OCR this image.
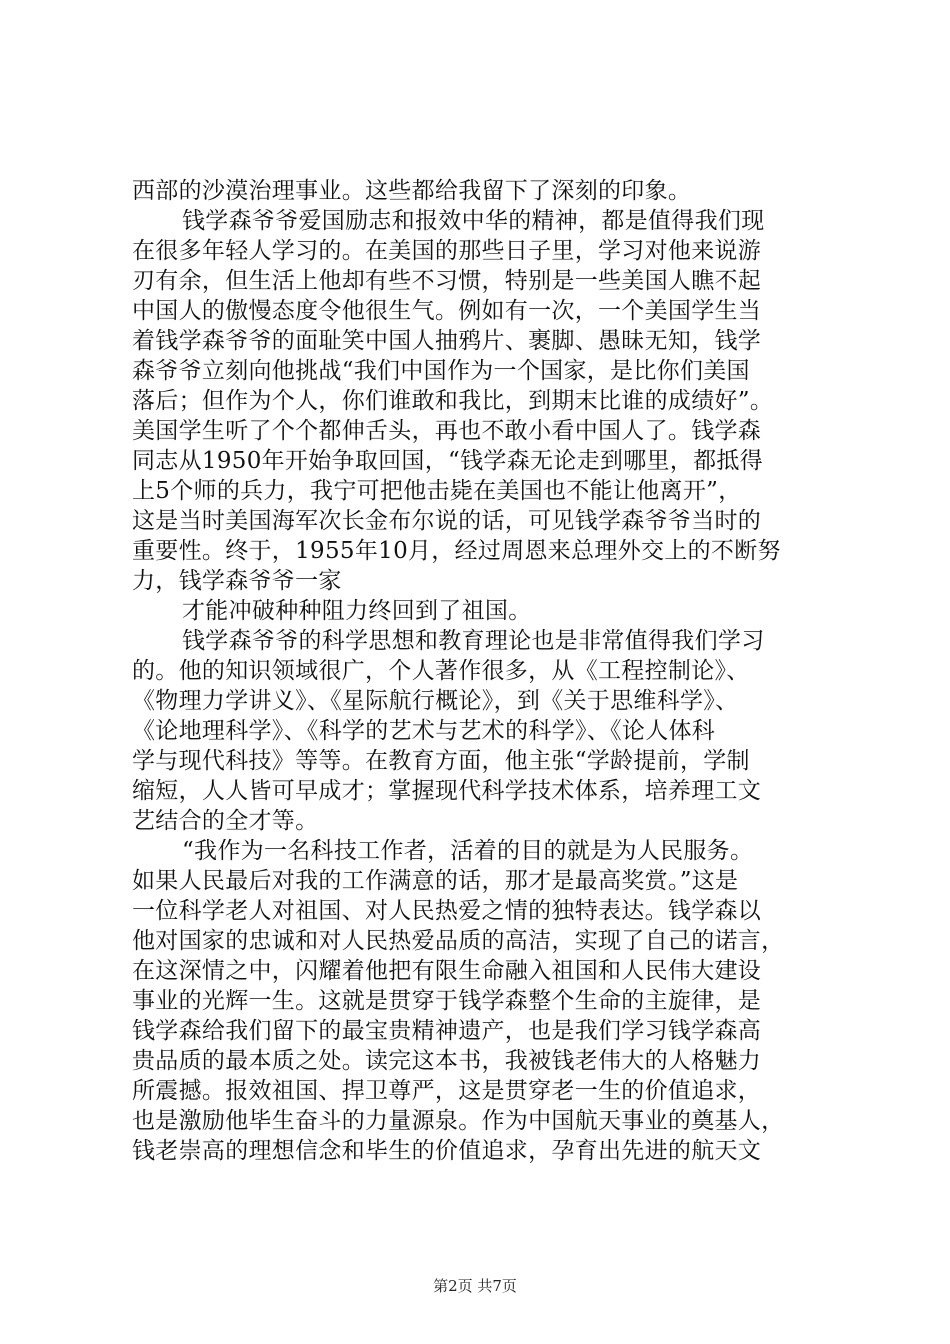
西部的沙漠治理事业。这些都给我留下了深刻的印象。
钱学森爷爷爱国励志和报效中华的精神，都是值得我们现
在很多年轻人学习的。在美国的那些日子里，学习对他来说游
刃有余，但生活上他却有些不习惯，特别是一些美国人瞧不起
中国人的傲慢态度令他很生气。例如有一次，一个美国学生当
着钱学森爷爷的面耻笑中国人抽鸦片、裹脚、愚昧无知，钱学
森爷爷立刻向他挑战“我们中国作为一个国家，是比你们美国
落后；但作为个人，你们谁敢和我比，到期末比谁的成绩好”。
美国学生听了个个都伸舌头，再也不敢小看中国人了。钱学森
同志从1950年开始争取回国，“钱学森无论走到哪里，都抵得
上5个师的兵力，我宁可把他击毙在美国也不能让他离开”，
这是当时美国海军次长金布尔说的话，可见钱学森爷爷当时的
重要性。终于，1955年10月，经过周恩来总理外交上的不断努
力，钱学森爷爷一家
才能冲破种种阻力终回到了祖国。
钱学森爷爷的科学思想和教育理论也是非常值得我们学习
的。他的知识领域很广，个人著作很多，从《工程控制论》、
《物理力学讲义》、《星际航行概论》，到《关于思维科学》、
《论地理科学》、《科学的艺术与艺术的科学》、《论人体科
学与现代科技》等等。在教育方面，他主张“学龄提前，学制
缩短，人人皆可早成才；掌握现代科学技术体系，培养理工文
艺结合的全才等。
“我作为一名科技工作者，活着的目的就是为人民服务。
如果人民最后对我的工作满意的话，那才是最高奖赏。”这是
一位科学老人对祖国、对人民热爱之情的独特表达。钱学森以
他对国家的忠诚和对人民热爱品质的高洁，实现了自己的诺言，
在这深情之中，闪耀着他把有限生命融入祖国和人民伟大建设
事业的光辉一生。这就是贯穿于钱学森整个生命的主旋律，是
钱学森给我们留下的最宝贵精神遗产，也是我们学习钱学森高
贵品质的最本质之处。读完这本书，我被钱老伟大的人格魅力
所震撼。报效祖国、捍卫尊严，这是贯穿老一生的价值追求，
也是激励他毕生奋斗的力量源泉。作为中国航天事业的奠基人，
钱老崇高的理想信念和毕生的价值追求，孕育出先进的航天文
第2页 共7页
